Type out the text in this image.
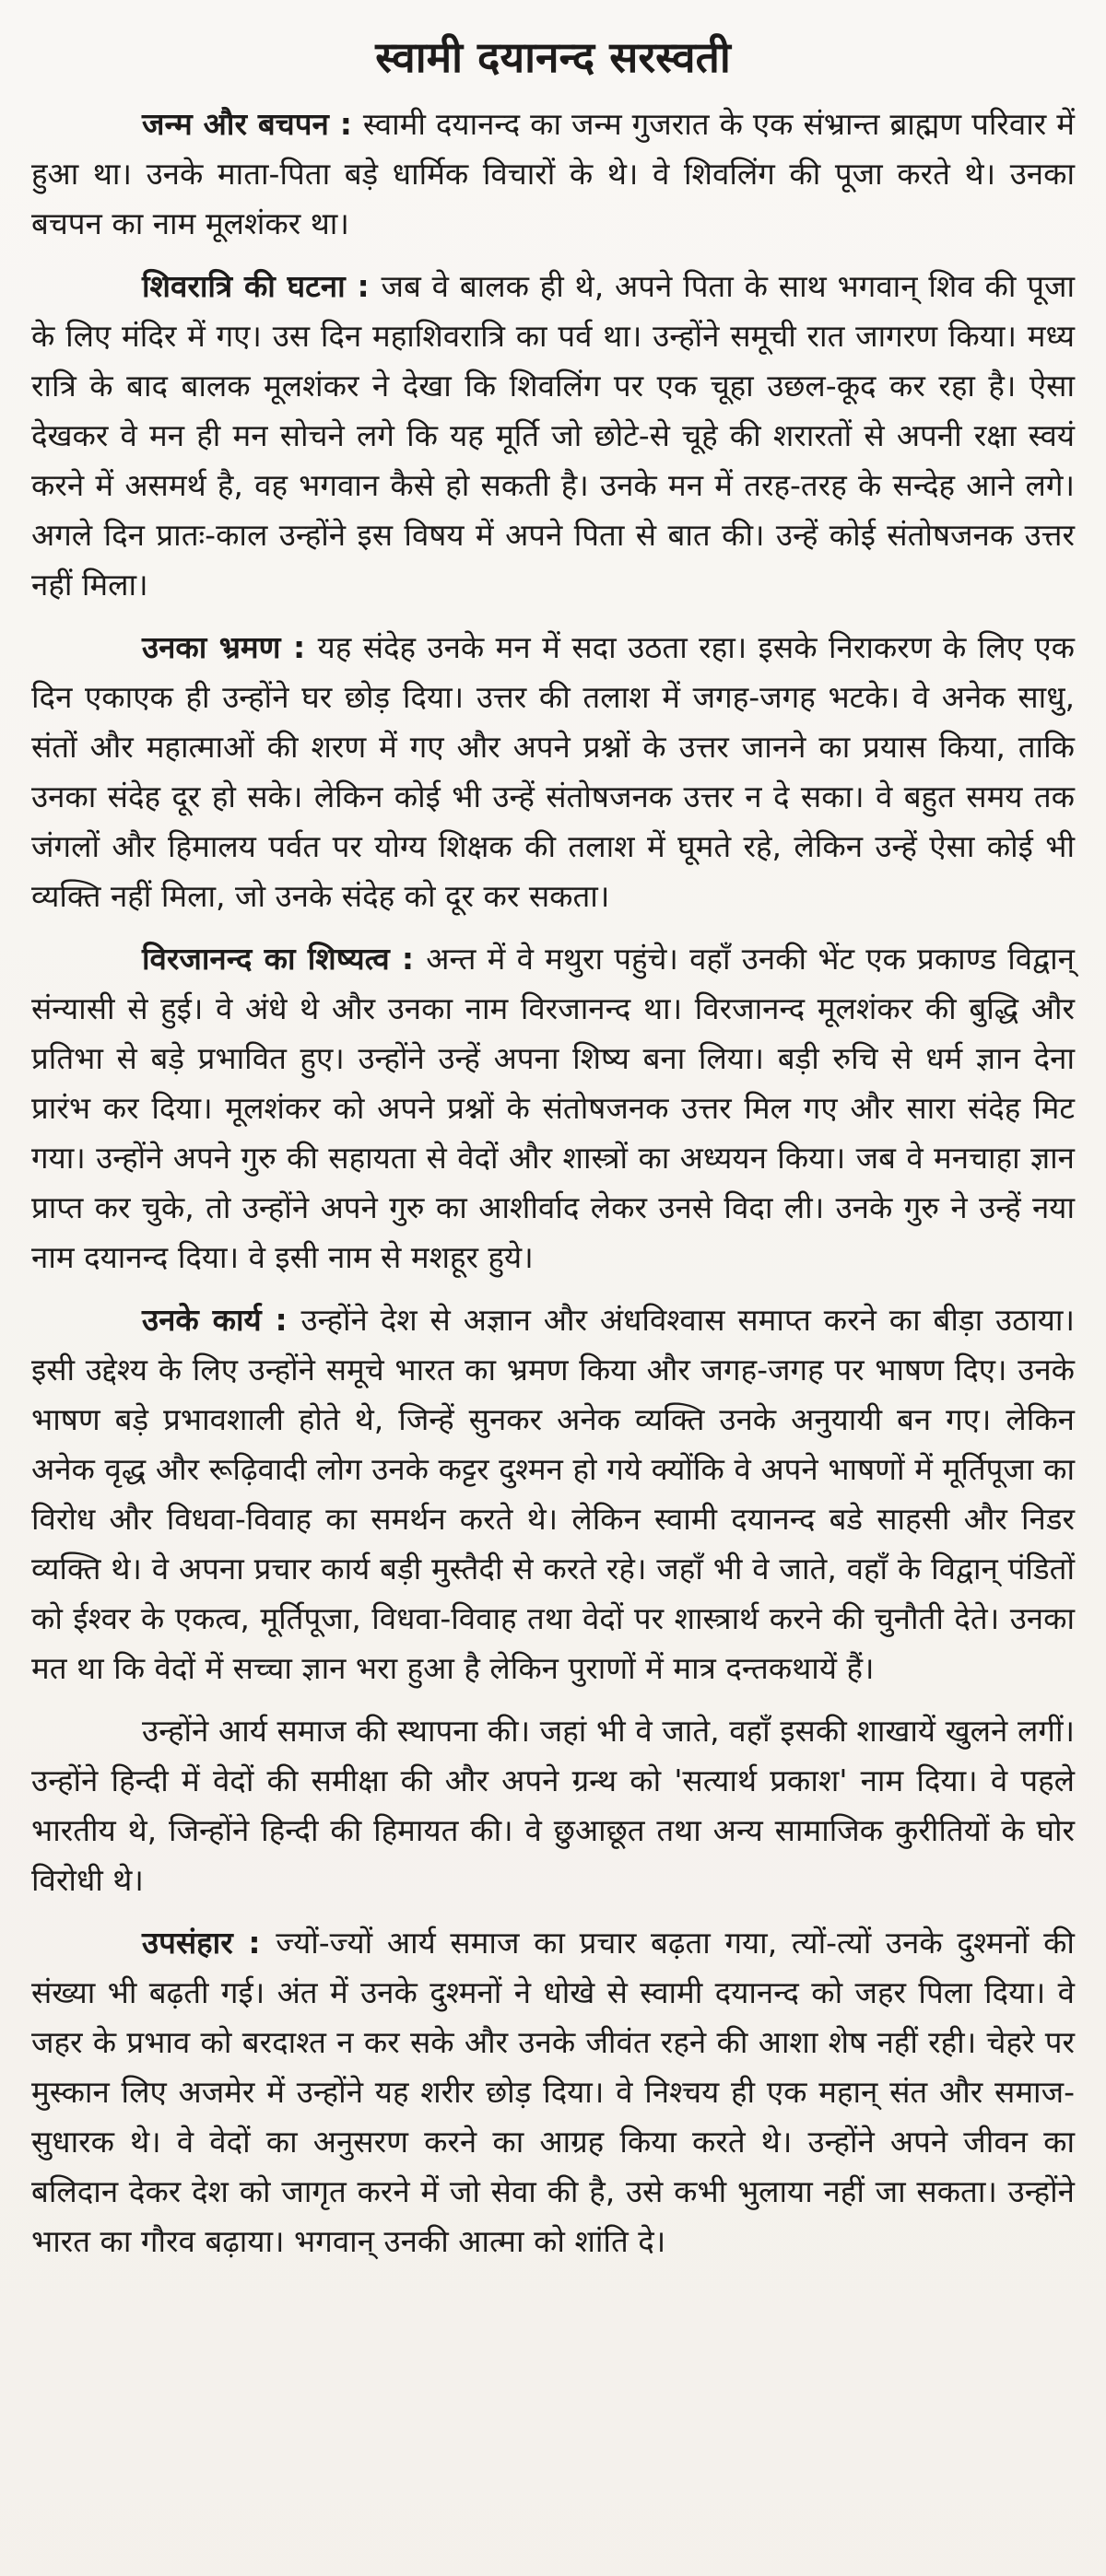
स्वामी दयानन्द सरस्वती

जन्म और बचपन : स्वामी दयानन्द का जन्म गुजरात के एक संभ्रान्त ब्राह्मण परिवार में हुआ था। उनके माता-पिता बड़े धार्मिक विचारों के थे। वे शिवलिंग की पूजा करते थे। उनका बचपन का नाम मूलशंकर था।

शिवरात्रि की घटना : जब वे बालक ही थे, अपने पिता के साथ भगवान् शिव की पूजा के लिए मंदिर में गए। उस दिन महाशिवरात्रि का पर्व था। उन्होंने समूची रात जागरण किया। मध्य रात्रि के बाद बालक मूलशंकर ने देखा कि शिवलिंग पर एक चूहा उछल-कूद कर रहा है। ऐसा देखकर वे मन ही मन सोचने लगे कि यह मूर्ति जो छोटे-से चूहे की शरारतों से अपनी रक्षा स्वयं करने में असमर्थ है, वह भगवान कैसे हो सकती है। उनके मन में तरह-तरह के सन्देह आने लगे। अगले दिन प्रातः-काल उन्होंने इस विषय में अपने पिता से बात की। उन्हें कोई संतोषजनक उत्तर नहीं मिला।

उनका भ्रमण : यह संदेह उनके मन में सदा उठता रहा। इसके निराकरण के लिए एक दिन एकाएक ही उन्होंने घर छोड़ दिया। उत्तर की तलाश में जगह-जगह भटके। वे अनेक साधु, संतों और महात्माओं की शरण में गए और अपने प्रश्नों के उत्तर जानने का प्रयास किया, ताकि उनका संदेह दूर हो सके। लेकिन कोई भी उन्हें संतोषजनक उत्तर न दे सका। वे बहुत समय तक जंगलों और हिमालय पर्वत पर योग्य शिक्षक की तलाश में घूमते रहे, लेकिन उन्हें ऐसा कोई भी व्यक्ति नहीं मिला, जो उनके संदेह को दूर कर सकता।

विरजानन्द का शिष्यत्व : अन्त में वे मथुरा पहुंचे। वहाँ उनकी भेंट एक प्रकाण्ड विद्वान् संन्यासी से हुई। वे अंधे थे और उनका नाम विरजानन्द था। विरजानन्द मूलशंकर की बुद्धि और प्रतिभा से बड़े प्रभावित हुए। उन्होंने उन्हें अपना शिष्य बना लिया। बड़ी रुचि से धर्म ज्ञान देना प्रारंभ कर दिया। मूलशंकर को अपने प्रश्नों के संतोषजनक उत्तर मिल गए और सारा संदेह मिट गया। उन्होंने अपने गुरु की सहायता से वेदों और शास्त्रों का अध्ययन किया। जब वे मनचाहा ज्ञान प्राप्त कर चुके, तो उन्होंने अपने गुरु का आशीर्वाद लेकर उनसे विदा ली। उनके गुरु ने उन्हें नया नाम दयानन्द दिया। वे इसी नाम से मशहूर हुये।

उनके कार्य : उन्होंने देश से अज्ञान और अंधविश्वास समाप्त करने का बीड़ा उठाया। इसी उद्देश्य के लिए उन्होंने समूचे भारत का भ्रमण किया और जगह-जगह पर भाषण दिए। उनके भाषण बड़े प्रभावशाली होते थे, जिन्हें सुनकर अनेक व्यक्ति उनके अनुयायी बन गए। लेकिन अनेक वृद्ध और रूढ़िवादी लोग उनके कट्टर दुश्मन हो गये क्योंकि वे अपने भाषणों में मूर्तिपूजा का विरोध और विधवा-विवाह का समर्थन करते थे। लेकिन स्वामी दयानन्द बडे साहसी और निडर व्यक्ति थे। वे अपना प्रचार कार्य बड़ी मुस्तैदी से करते रहे। जहाँ भी वे जाते, वहाँ के विद्वान् पंडितों को ईश्वर के एकत्व, मूर्तिपूजा, विधवा-विवाह तथा वेदों पर शास्त्रार्थ करने की चुनौती देते। उनका मत था कि वेदों में सच्चा ज्ञान भरा हुआ है लेकिन पुराणों में मात्र दन्तकथायें हैं।

उन्होंने आर्य समाज की स्थापना की। जहां भी वे जाते, वहाँ इसकी शाखायें खुलने लगीं। उन्होंने हिन्दी में वेदों की समीक्षा की और अपने ग्रन्थ को 'सत्यार्थ प्रकाश' नाम दिया। वे पहले भारतीय थे, जिन्होंने हिन्दी की हिमायत की। वे छुआछूत तथा अन्य सामाजिक कुरीतियों के घोर विरोधी थे।

उपसंहार : ज्यों-ज्यों आर्य समाज का प्रचार बढ़ता गया, त्यों-त्यों उनके दुश्मनों की संख्या भी बढ़ती गई। अंत में उनके दुश्मनों ने धोखे से स्वामी दयानन्द को जहर पिला दिया। वे जहर के प्रभाव को बरदाश्त न कर सके और उनके जीवंत रहने की आशा शेष नहीं रही। चेहरे पर मुस्कान लिए अजमेर में उन्होंने यह शरीर छोड़ दिया। वे निश्चय ही एक महान् संत और समाज-सुधारक थे। वे वेदों का अनुसरण करने का आग्रह किया करते थे। उन्होंने अपने जीवन का बलिदान देकर देश को जागृत करने में जो सेवा की है, उसे कभी भुलाया नहीं जा सकता। उन्होंने भारत का गौरव बढ़ाया। भगवान् उनकी आत्मा को शांति दे।
